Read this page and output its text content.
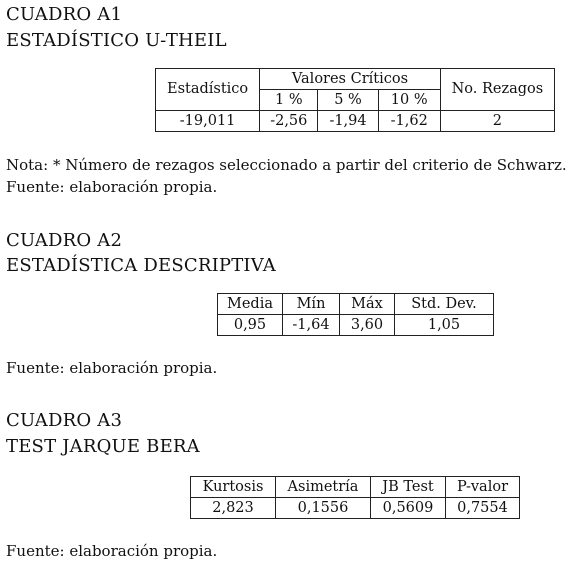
CUADRO A1
ESTADÍSTICO U-THEIL
Estadístico	Valores Críticos			No. Rezagos
	1 %	5 %	10 %	
-19,011	-2,56	-1,94	-1,62	2
Nota: * Número de rezagos seleccionado a partir del criterio de Schwarz.
Fuente: elaboración propia.
CUADRO A2
ESTADÍSTICA DESCRIPTIVA
Media	Mín	Máx	Std. Dev.
0,95	-1,64	3,60	1,05
Fuente: elaboración propia.
CUADRO A3
TEST JARQUE BERA
Kurtosis	Asimetría	JB Test	P-valor
2,823	0,1556	0,5609	0,7554
Fuente: elaboración propia.
